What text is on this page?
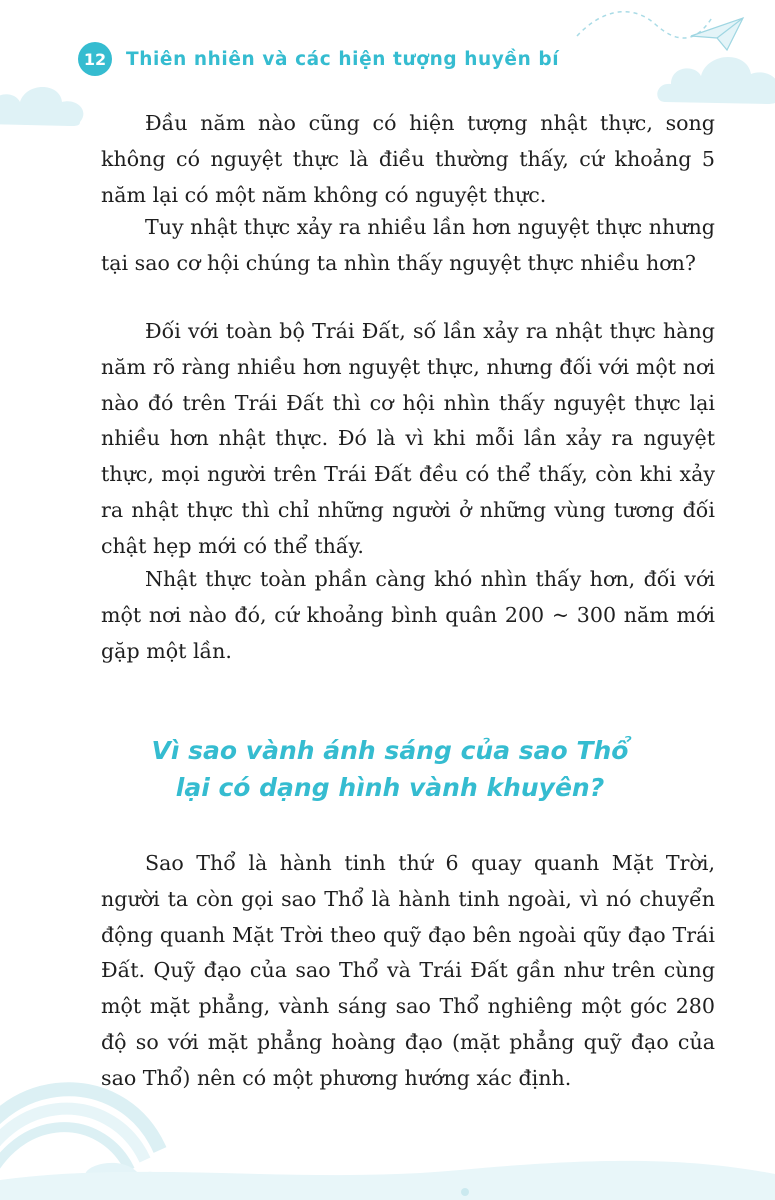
12	Thiên nhiên và các hiện tượng huyền bí

Đầu năm nào cũng có hiện tượng nhật thực, song không có nguyệt thực là điều thường thấy, cứ khoảng 5 năm lại có một năm không có nguyệt thực.

Tuy nhật thực xảy ra nhiều lần hơn nguyệt thực nhưng tại sao cơ hội chúng ta nhìn thấy nguyệt thực nhiều hơn?

Đối với toàn bộ Trái Đất, số lần xảy ra nhật thực hàng năm rõ ràng nhiều hơn nguyệt thực, nhưng đối với một nơi nào đó trên Trái Đất thì cơ hội nhìn thấy nguyệt thực lại nhiều hơn nhật thực. Đó là vì khi mỗi lần xảy ra nguyệt thực, mọi người trên Trái Đất đều có thể thấy, còn khi xảy ra nhật thực thì chỉ những người ở những vùng tương đối chật hẹp mới có thể thấy.

Nhật thực toàn phần càng khó nhìn thấy hơn, đối với một nơi nào đó, cứ khoảng bình quân 200 ~ 300 năm mới gặp một lần.

Vì sao vành ánh sáng của sao Thổ
lại có dạng hình vành khuyên?

Sao Thổ là hành tinh thứ 6 quay quanh Mặt Trời, người ta còn gọi sao Thổ là hành tinh ngoài, vì nó chuyển động quanh Mặt Trời theo quỹ đạo bên ngoài qũy đạo Trái Đất. Quỹ đạo của sao Thổ và Trái Đất gần như trên cùng một mặt phẳng, vành sáng sao Thổ nghiêng một góc 280 độ so với mặt phẳng hoàng đạo (mặt phẳng quỹ đạo của sao Thổ) nên có một phương hướng xác định.
